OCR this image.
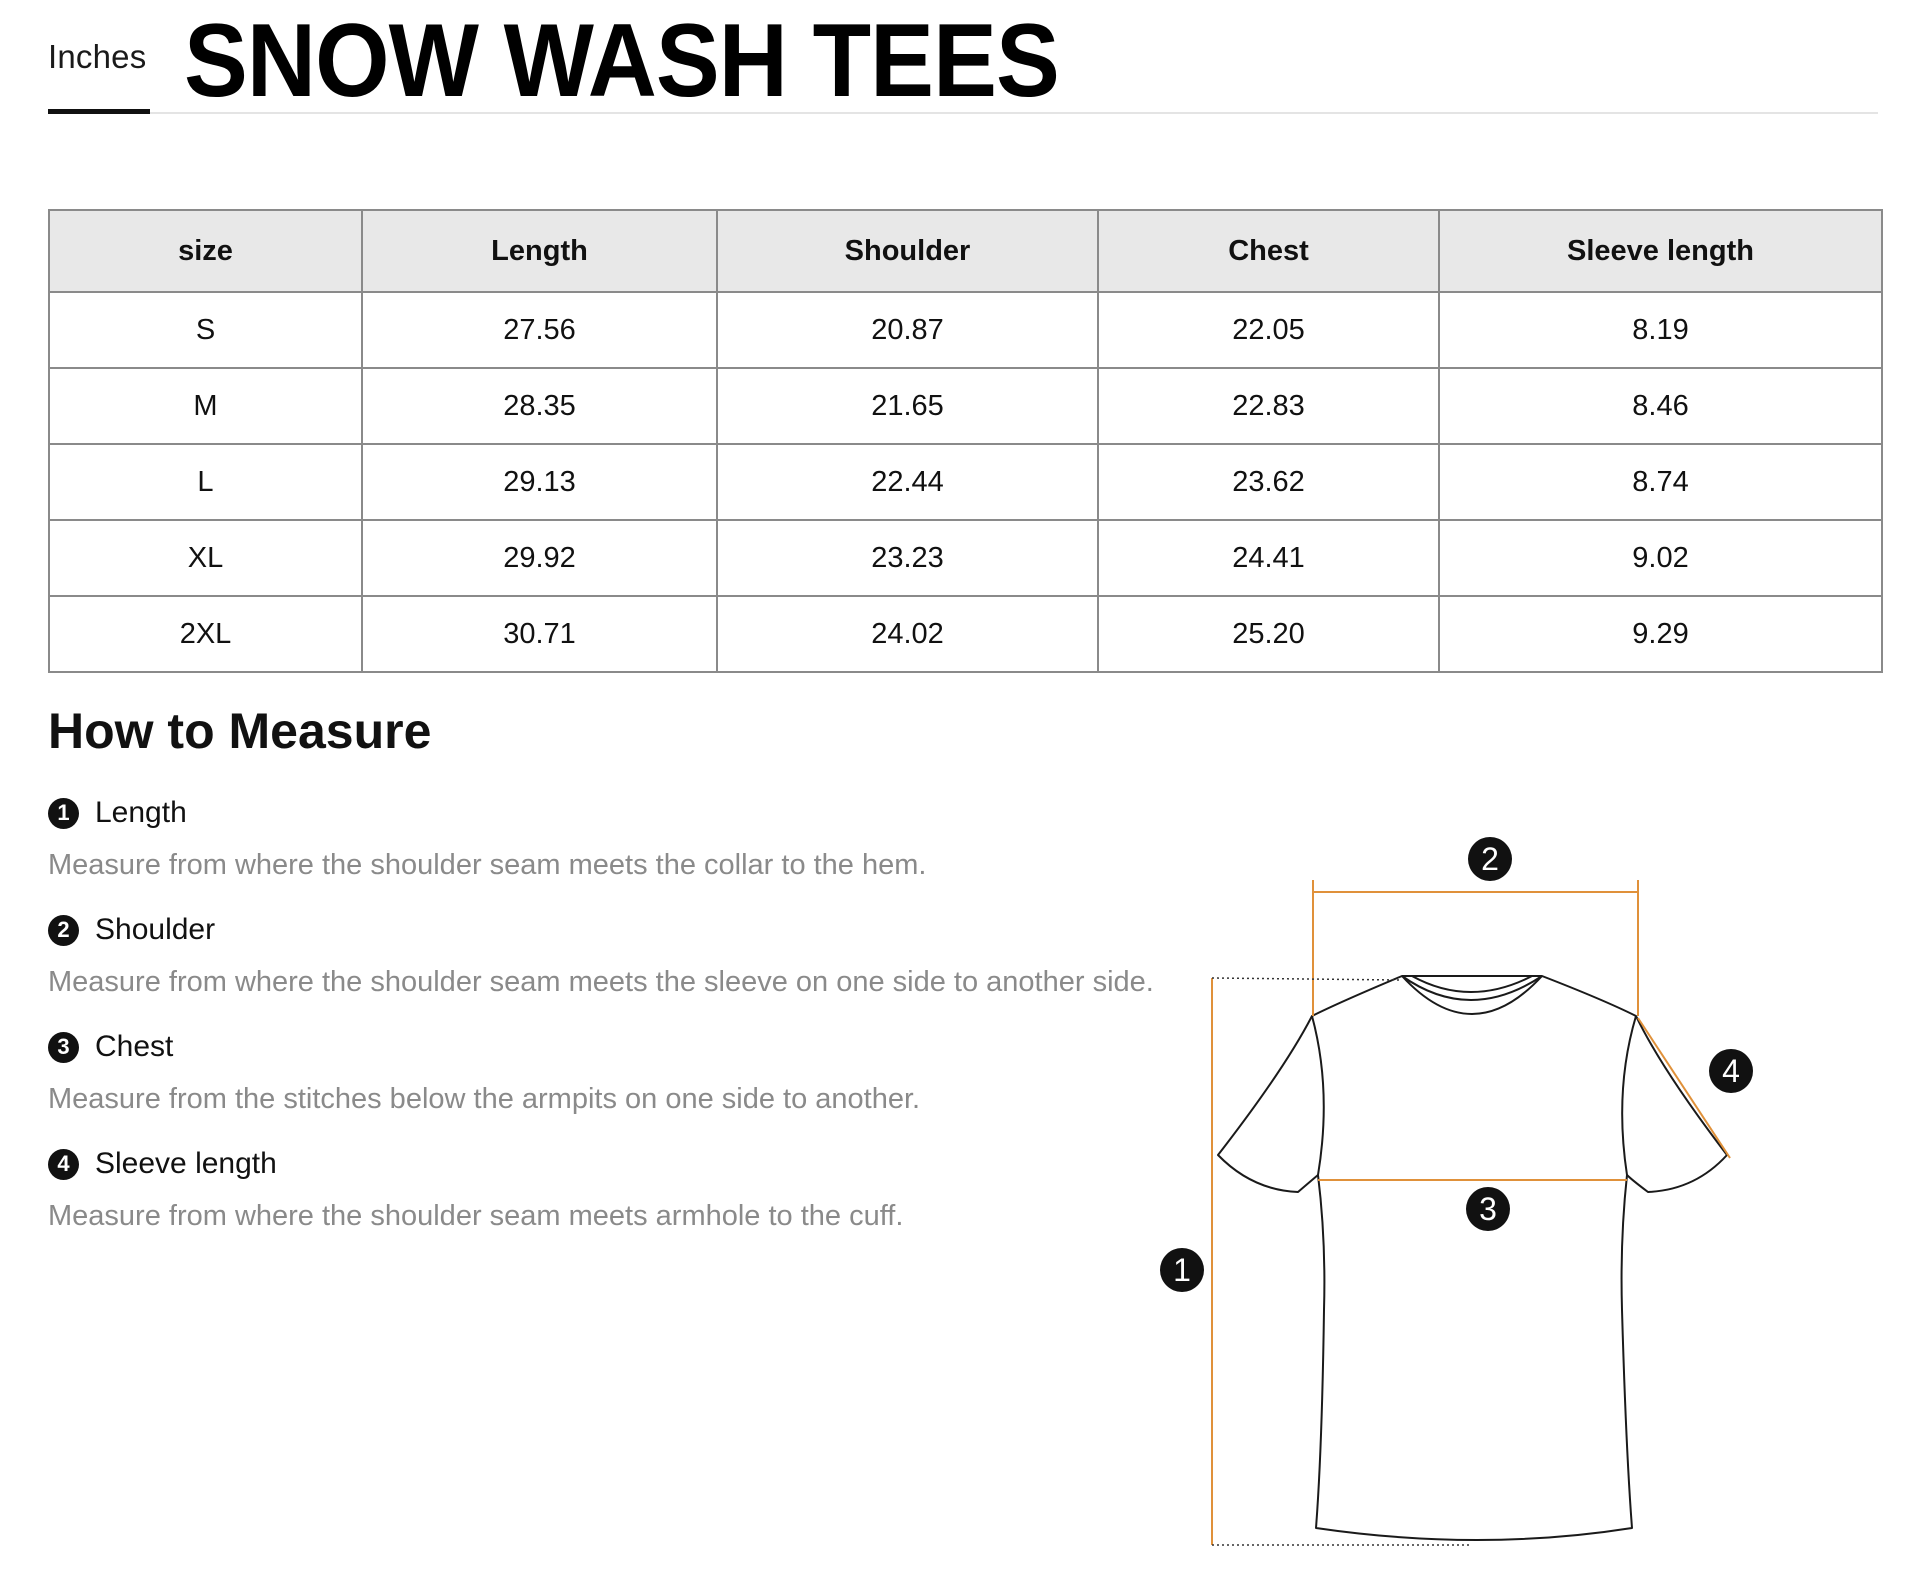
Inches SNOW WASH TEES
size	Length	Shoulder	Chest	Sleeve length
S	27.56	20.87	22.05	8.19
M	28.35	21.65	22.83	8.46
L	29.13	22.44	23.62	8.74
XL	29.92	23.23	24.41	9.02
2XL	30.71	24.02	25.20	9.29
How to Measure
1 Length
Measure from where the shoulder seam meets the collar to the hem.
2 Shoulder
Measure from where the shoulder seam meets the sleeve on one side to another side.
3 Chest
Measure from the stitches below the armpits on one side to another.
4 Sleeve length
Measure from where the shoulder seam meets armhole to the cuff.
2
4
3
1
